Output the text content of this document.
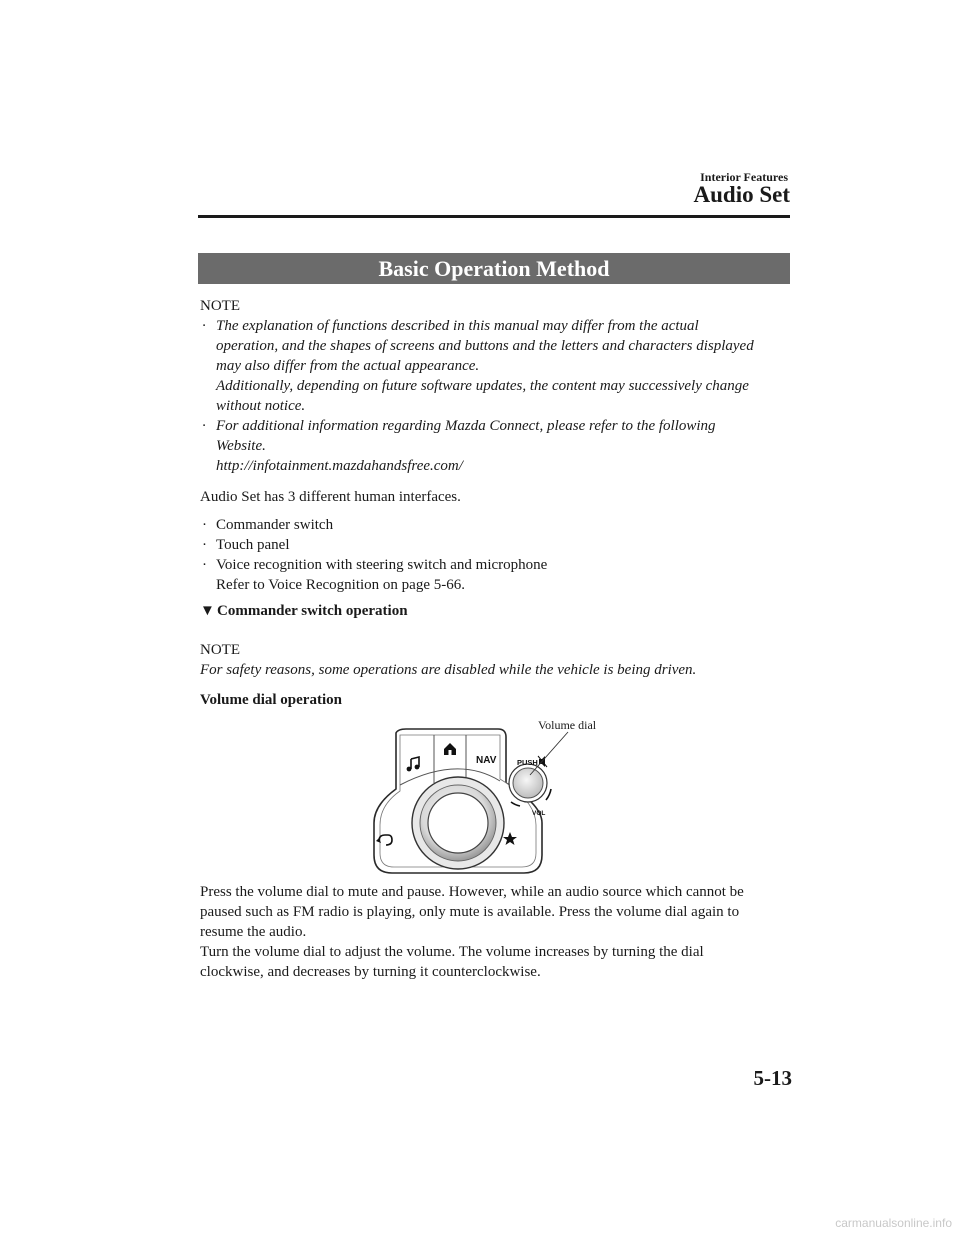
Interior Features
Audio Set
Basic Operation Method
NOTE
· The explanation of functions described in this manual may differ from the actual
operation, and the shapes of screens and buttons and the letters and characters displayed
may also differ from the actual appearance.
Additionally, depending on future software updates, the content may successively change
without notice.
· For additional information regarding Mazda Connect, please refer to the following
Website.
http://infotainment.mazdahandsfree.com/
Audio Set has 3 different human interfaces.
· Commander switch
· Touch panel
· Voice recognition with steering switch and microphone
Refer to Voice Recognition on page 5-66.
▼ Commander switch operation
NOTE
For safety reasons, some operations are disabled while the vehicle is being driven.
Volume dial operation
NAV	PUSH
VOL
Volume dial
Press the volume dial to mute and pause. However, while an audio source which cannot be
paused such as FM radio is playing, only mute is available. Press the volume dial again to
resume the audio.
Turn the volume dial to adjust the volume. The volume increases by turning the dial
clockwise, and decreases by turning it counterclockwise.
5-13
carmanualsonline.info
